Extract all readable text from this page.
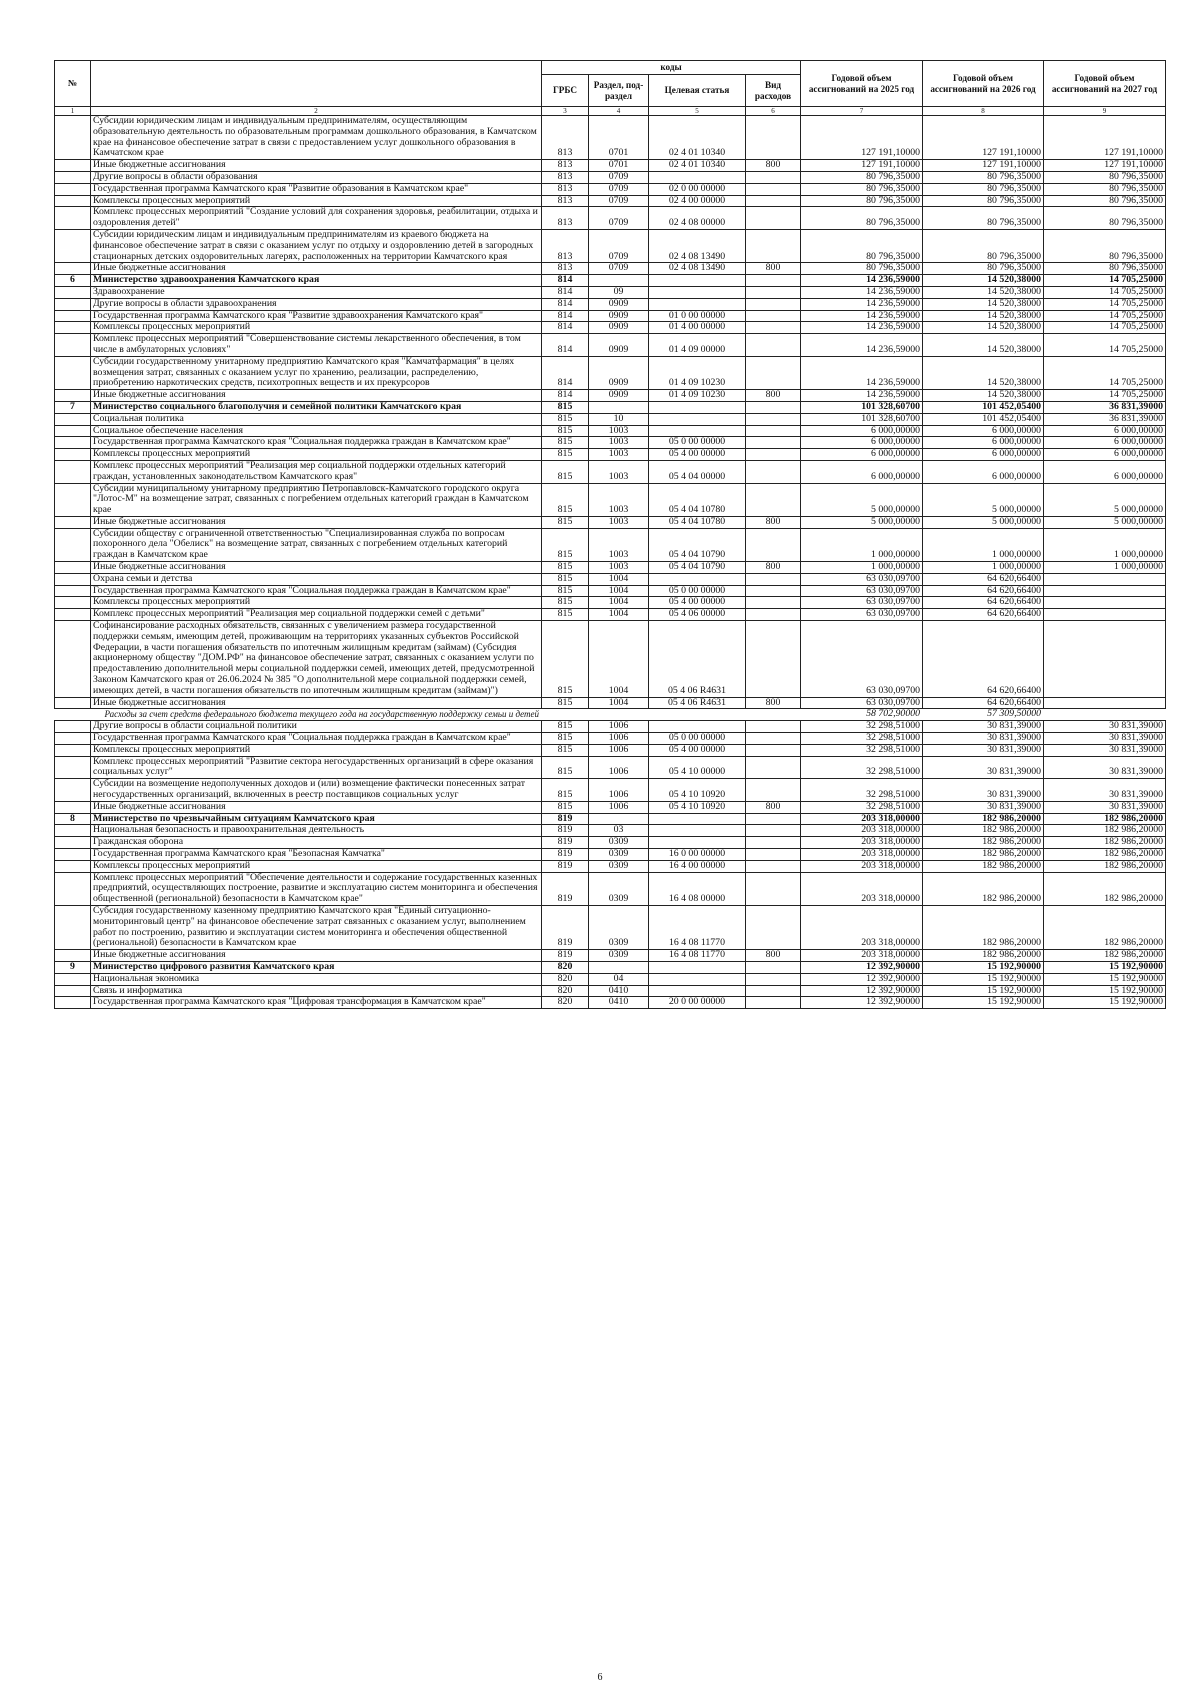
№		коды				Годовой объем ассигнований на 2025 год	Годовой объем ассигнований на 2026 год	Годовой объем ассигнований на 2027 год
		ГРБС	Раздел, под-раздел	Целевая статья	Вид расходов			
1	2	3	4	5	6	7	8	9
	Субсидии юридическим лицам и индивидуальным предпринимателям, осуществляющим образовательную деятельность по образовательным программам дошкольного образования, в Камчатском крае на финансовое обеспечение затрат в связи с предоставлением услуг дошкольного образования в Камчатском крае	813	0701	02 4 01 10340		127 191,10000	127 191,10000	127 191,10000
	Иные бюджетные ассигнования	813	0701	02 4 01 10340	800	127 191,10000	127 191,10000	127 191,10000
	Другие вопросы в области образования	813	0709			80 796,35000	80 796,35000	80 796,35000
	Государственная программа Камчатского края "Развитие образования в Камчатском крае"	813	0709	02 0 00 00000		80 796,35000	80 796,35000	80 796,35000
	Комплексы процессных мероприятий	813	0709	02 4 00 00000		80 796,35000	80 796,35000	80 796,35000
	Комплекс процессных мероприятий "Создание условий для сохранения здоровья, реабилитации, отдыха и оздоровления детей"	813	0709	02 4 08 00000		80 796,35000	80 796,35000	80 796,35000
	Субсидии юридическим лицам и индивидуальным предпринимателям из краевого бюджета на финансовое обеспечение затрат в связи с оказанием услуг по отдыху и оздоровлению детей в загородных стационарных детских оздоровительных лагерях, расположенных на территории Камчатского края	813	0709	02 4 08 13490		80 796,35000	80 796,35000	80 796,35000
	Иные бюджетные ассигнования	813	0709	02 4 08 13490	800	80 796,35000	80 796,35000	80 796,35000
6	Министерство здравоохранения Камчатского края	814				14 236,59000	14 520,38000	14 705,25000
	Здравоохранение	814	09			14 236,59000	14 520,38000	14 705,25000
	Другие вопросы в области здравоохранения	814	0909			14 236,59000	14 520,38000	14 705,25000
	Государственная программа Камчатского края "Развитие здравоохранения Камчатского края"	814	0909	01 0 00 00000		14 236,59000	14 520,38000	14 705,25000
	Комплексы процессных мероприятий	814	0909	01 4 00 00000		14 236,59000	14 520,38000	14 705,25000
	Комплекс процессных мероприятий "Совершенствование системы лекарственного обеспечения, в том числе в амбулаторных условиях"	814	0909	01 4 09 00000		14 236,59000	14 520,38000	14 705,25000
	Субсидии государственному унитарному предприятию Камчатского края "Камчатфармация" в целях возмещения затрат, связанных с оказанием услуг по хранению, реализации, распределению, приобретению наркотических средств, психотропных веществ и их прекурсоров	814	0909	01 4 09 10230		14 236,59000	14 520,38000	14 705,25000
	Иные бюджетные ассигнования	814	0909	01 4 09 10230	800	14 236,59000	14 520,38000	14 705,25000
7	Министерство социального благополучия и семейной политики Камчатского края	815				101 328,60700	101 452,05400	36 831,39000
	Социальная политика	815	10			101 328,60700	101 452,05400	36 831,39000
	Социальное обеспечение населения	815	1003			6 000,00000	6 000,00000	6 000,00000
	Государственная программа Камчатского края "Социальная поддержка граждан в Камчатском крае"	815	1003	05 0 00 00000		6 000,00000	6 000,00000	6 000,00000
	Комплексы процессных мероприятий	815	1003	05 4 00 00000		6 000,00000	6 000,00000	6 000,00000
	Комплекс процессных мероприятий "Реализация мер социальной поддержки отдельных категорий граждан, установленных законодательством Камчатского края"	815	1003	05 4 04 00000		6 000,00000	6 000,00000	6 000,00000
	Субсидии муниципальному унитарному предприятию Петропавловск-Камчатского городского округа "Лотос-М" на возмещение затрат, связанных с погребением отдельных категорий граждан в Камчатском крае	815	1003	05 4 04 10780		5 000,00000	5 000,00000	5 000,00000
	Иные бюджетные ассигнования	815	1003	05 4 04 10780	800	5 000,00000	5 000,00000	5 000,00000
	Субсидии обществу с ограниченной ответственностью "Специализированная служба по вопросам похоронного дела "Обелиск" на возмещение затрат, связанных с погребением отдельных категорий граждан в Камчатском крае	815	1003	05 4 04 10790		1 000,00000	1 000,00000	1 000,00000
	Иные бюджетные ассигнования	815	1003	05 4 04 10790	800	1 000,00000	1 000,00000	1 000,00000
	Охрана семьи и детства	815	1004			63 030,09700	64 620,66400	
	Государственная программа Камчатского края "Социальная поддержка граждан в Камчатском крае"	815	1004	05 0 00 00000		63 030,09700	64 620,66400	
	Комплексы процессных мероприятий	815	1004	05 4 00 00000		63 030,09700	64 620,66400	
	Комплекс процессных мероприятий "Реализация мер социальной поддержки семей с детьми"	815	1004	05 4 06 00000		63 030,09700	64 620,66400	
	Софинансирование расходных обязательств, связанных с увеличением размера государственной поддержки семьям, имеющим детей, проживающим на территориях указанных субъектов Российской Федерации, в части погашения обязательств по ипотечным жилищным кредитам (займам) (Субсидия акционерному обществу "ДОМ.РФ" на финансовое обеспечение затрат, связанных с оказанием услуги по предоставлению дополнительной меры социальной поддержки семей, имеющих детей, предусмотренной Законом Камчатского края от 26.06.2024 № 385 "О дополнительной мере социальной поддержки семей, имеющих детей, в части погашения обязательств по ипотечным жилищным кредитам (займам)")	815	1004	05 4 06 R4631		63 030,09700	64 620,66400	
	Иные бюджетные ассигнования	815	1004	05 4 06 R4631	800	63 030,09700	64 620,66400	
	Расходы за счет средств федерального бюджета текущего года на государственную поддержку семьи и детей					58 702,90000	57 309,50000	
	Другие вопросы в области социальной политики	815	1006			32 298,51000	30 831,39000	30 831,39000
	Государственная программа Камчатского края "Социальная поддержка граждан в Камчатском крае"	815	1006	05 0 00 00000		32 298,51000	30 831,39000	30 831,39000
	Комплексы процессных мероприятий	815	1006	05 4 00 00000		32 298,51000	30 831,39000	30 831,39000
	Комплекс процессных мероприятий "Развитие сектора негосударственных организаций в сфере оказания социальных услуг"	815	1006	05 4 10 00000		32 298,51000	30 831,39000	30 831,39000
	Субсидии на возмещение недополученных доходов и (или) возмещение фактически понесенных затрат негосударственных организаций, включенных в реестр поставщиков социальных услуг	815	1006	05 4 10 10920		32 298,51000	30 831,39000	30 831,39000
	Иные бюджетные ассигнования	815	1006	05 4 10 10920	800	32 298,51000	30 831,39000	30 831,39000
8	Министерство по чрезвычайным ситуациям Камчатского края	819				203 318,00000	182 986,20000	182 986,20000
	Национальная безопасность и правоохранительная деятельность	819	03			203 318,00000	182 986,20000	182 986,20000
	Гражданская оборона	819	0309			203 318,00000	182 986,20000	182 986,20000
	Государственная программа Камчатского края "Безопасная Камчатка"	819	0309	16 0 00 00000		203 318,00000	182 986,20000	182 986,20000
	Комплексы процессных мероприятий	819	0309	16 4 00 00000		203 318,00000	182 986,20000	182 986,20000
	Комплекс процессных мероприятий "Обеспечение деятельности и содержание государственных казенных предприятий, осуществляющих построение, развитие и эксплуатацию систем мониторинга и обеспечения общественной (региональной) безопасности в Камчатском крае"	819	0309	16 4 08 00000		203 318,00000	182 986,20000	182 986,20000
	Субсидия государственному казенному предприятию Камчатского края "Единый ситуационно-мониторинговый центр" на финансовое обеспечение затрат связанных с оказанием услуг, выполнением работ по построению, развитию и эксплуатации систем мониторинга и обеспечения общественной (региональной) безопасности в Камчатском крае	819	0309	16 4 08 11770		203 318,00000	182 986,20000	182 986,20000
	Иные бюджетные ассигнования	819	0309	16 4 08 11770	800	203 318,00000	182 986,20000	182 986,20000
9	Министерство цифрового развития Камчатского края	820				12 392,90000	15 192,90000	15 192,90000
	Национальная экономика	820	04			12 392,90000	15 192,90000	15 192,90000
	Связь и информатика	820	0410			12 392,90000	15 192,90000	15 192,90000
	Государственная программа Камчатского края "Цифровая трансформация в Камчатском крае"	820	0410	20 0 00 00000		12 392,90000	15 192,90000	15 192,90000
6
